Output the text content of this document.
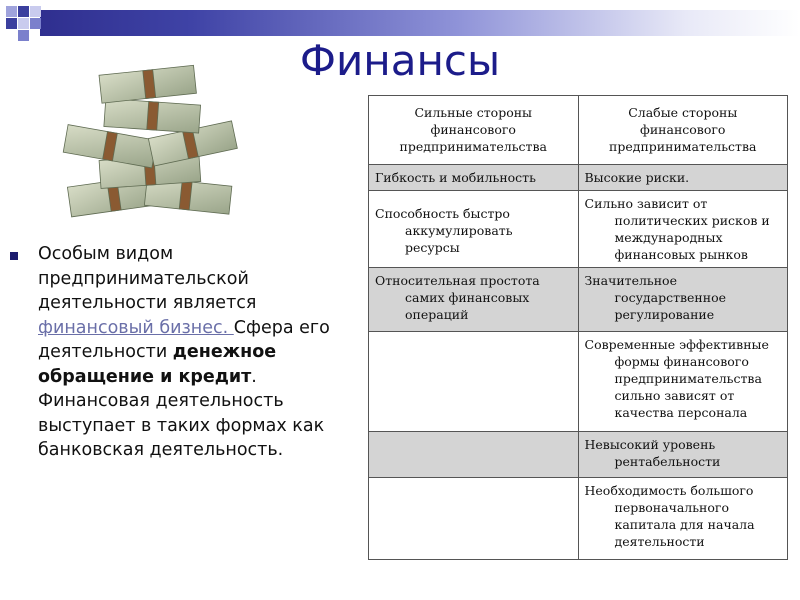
Финансы
Особым видом предпринимательской деятельности является финансовый бизнес. Сфера его деятельности денежное обращение и кредит. Финансовая деятельность выступает в таких формах как банковская деятельность.
Сильные стороны финансового предпринимательства	Слабые стороны финансового предпринимательства

Гибкость и мобильность	Высокие риски.

Способность быстро аккумулировать ресурсы	Сильно зависит от политических рисков и международных финансовых рынков

Относительная простота самих финансовых операций	Значительное государственное регулирование

	Современные эффективные формы финансового предпринимательства сильно зависят от качества персонала

	Невысокий уровень рентабельности

	Необходимость большого первоначального капитала для начала деятельности
